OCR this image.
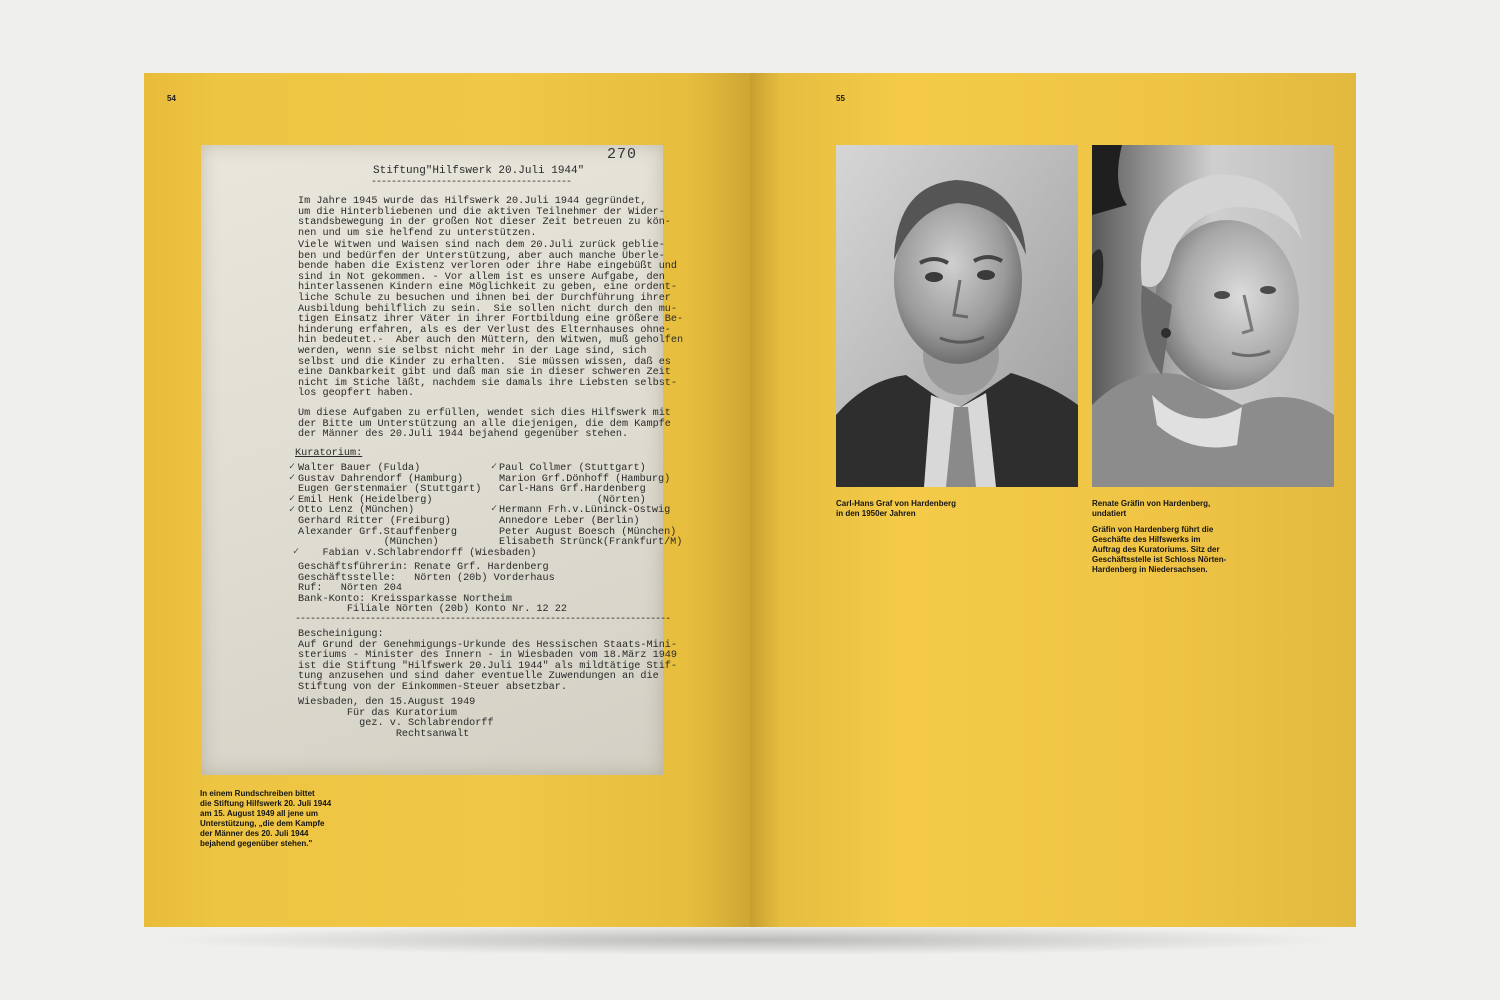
54
270
Stiftung"Hilfswerk 20.Juli 1944"
----------------------------------------
Im Jahre 1945 wurde das Hilfswerk 20.Juli 1944 gegründet,
um die Hinterbliebenen und die aktiven Teilnehmer der Wider-
standsbewegung in der großen Not dieser Zeit betreuen zu kön-
nen und um sie helfend zu unterstützen.
Viele Witwen und Waisen sind nach dem 20.Juli zurück geblie-
ben und bedürfen der Unterstützung, aber auch manche Überle-
bende haben die Existenz verloren oder ihre Habe eingebüßt und
sind in Not gekommen. - Vor allem ist es unsere Aufgabe, den
hinterlassenen Kindern eine Möglichkeit zu geben, eine ordent-
liche Schule zu besuchen und ihnen bei der Durchführung ihrer
Ausbildung behilflich zu sein.  Sie sollen nicht durch den mu-
tigen Einsatz ihrer Väter in ihrer Fortbildung eine größere Be-
hinderung erfahren, als es der Verlust des Elternhauses ohne-
hin bedeutet.-  Aber auch den Müttern, den Witwen, muß geholfen
werden, wenn sie selbst nicht mehr in der Lage sind, sich
selbst und die Kinder zu erhalten.  Sie müssen wissen, daß es
eine Dankbarkeit gibt und daß man sie in dieser schweren Zeit
nicht im Stiche läßt, nachdem sie damals ihre Liebsten selbst-
los geopfert haben.
Um diese Aufgaben zu erfüllen, wendet sich dies Hilfswerk mit
der Bitte um Unterstützung an alle diejenigen, die dem Kampfe
der Männer des 20.Juli 1944 bejahend gegenüber stehen.
Kuratorium:
Walter Bauer (Fulda)
Gustav Dahrendorf (Hamburg)
Eugen Gerstenmaier (Stuttgart)
Emil Henk (Heidelberg)
Otto Lenz (München)
Gerhard Ritter (Freiburg)
Alexander Grf.Stauffenberg
(München)
Fabian v.Schlabrendorff (Wiesbaden)
Paul Collmer (Stuttgart)
Marion Grf.Dönhoff (Hamburg)
Carl-Hans Grf.Hardenberg
(Nörten)
Hermann Frh.v.Lüninck-Ostwig
Annedore Leber (Berlin)
Peter August Boesch (München)
Elisabeth Strünck(Frankfurt/M)
✓
✓
✓
✓
✓
✓
✓
Geschäftsführerin: Renate Grf. Hardenberg
Geschäftsstelle:   Nörten (20b) Vorderhaus
Ruf:   Nörten 204
Bank-Konto: Kreissparkasse Northeim
Filiale Nörten (20b) Konto Nr. 12 22
---------------------------------------------------------------------------
Bescheinigung:
Auf Grund der Genehmigungs-Urkunde des Hessischen Staats-Mini-
steriums - Minister des Innern - in Wiesbaden vom 18.März 1949
ist die Stiftung "Hilfswerk 20.Juli 1944" als mildtätige Stif-
tung anzusehen und sind daher eventuelle Zuwendungen an die
Stiftung von der Einkommen-Steuer absetzbar.
Wiesbaden, den 15.August 1949
Für das Kuratorium
gez. v. Schlabrendorff
Rechtsanwalt
In einem Rundschreiben bittet
die Stiftung Hilfswerk 20. Juli 1944
am 15. August 1949 all jene um
Unterstützung, „die dem Kampfe
der Männer des 20. Juli 1944
bejahend gegenüber stehen."
55
Carl-Hans Graf von Hardenberg
in den 1950er Jahren
Renate Gräfin von Hardenberg,
undatiert
Gräfin von Hardenberg führt die
Geschäfte des Hilfswerks im
Auftrag des Kuratoriums. Sitz der
Geschäftsstelle ist Schloss Nörten-
Hardenberg in Niedersachsen.
